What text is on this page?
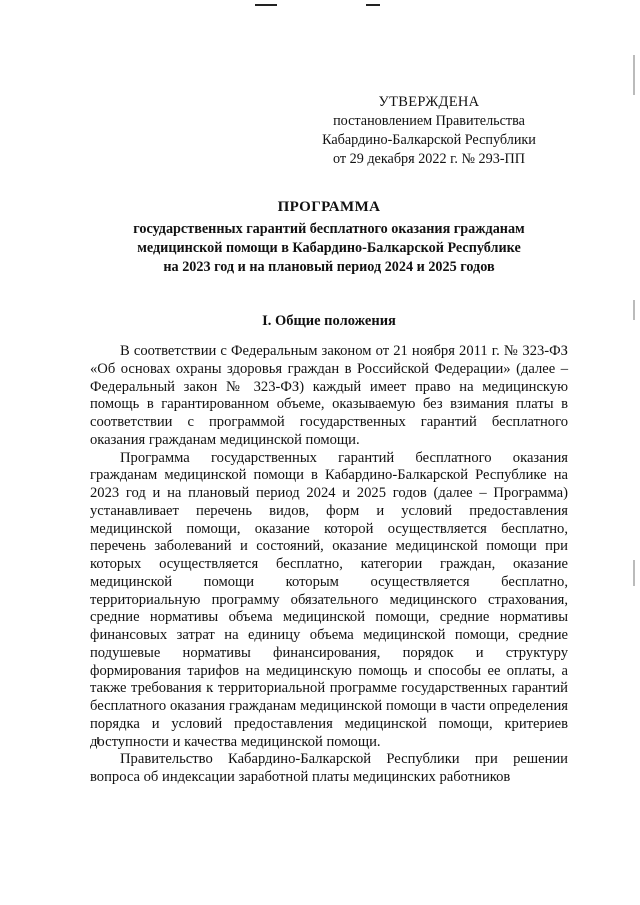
УТВЕРЖДЕНА
постановлением Правительства
Кабардино-Балкарской Республики
от 29 декабря 2022 г. № 293-ПП
ПРОГРАММА
государственных гарантий бесплатного оказания гражданам
медицинской помощи в Кабардино-Балкарской Республике
на 2023 год и на плановый период 2024 и 2025 годов
I. Общие положения

В соответствии с Федеральным законом от 21 ноября 2011 г. № 323-ФЗ «Об основах охраны здоровья граждан в Российской Федерации» (далее – Федеральный закон № 323-ФЗ) каждый имеет право на медицинскую помощь в гарантированном объеме, оказываемую без взимания платы в соответствии с программой государственных гарантий бесплатного оказания гражданам медицинской помощи.

Программа государственных гарантий бесплатного оказания гражданам медицинской помощи в Кабардино-Балкарской Республике на 2023 год и на плановый период 2024 и 2025 годов (далее – Программа) устанавливает перечень видов, форм и условий предоставления медицинской помощи, оказание которой осуществляется бесплатно, перечень заболеваний и состояний, оказание медицинской помощи при которых осуществляется бесплатно, категории граждан, оказание медицинской помощи которым осуществляется бесплатно, территориальную программу обязательного медицинского страхования, средние нормативы объема медицинской помощи, средние нормативы финансовых затрат на единицу объема медицинской помощи, средние подушевые нормативы финансирования, порядок и структуру формирования тарифов на медицинскую помощь и способы ее оплаты, а также требования к территориальной программе государственных гарантий бесплатного оказания гражданам медицинской помощи в части определения порядка и условий предоставления медицинской помощи, критериев доступности и качества медицинской помощи.

Правительство Кабардино-Балкарской Республики при решении вопроса об индексации заработной платы медицинских работников
